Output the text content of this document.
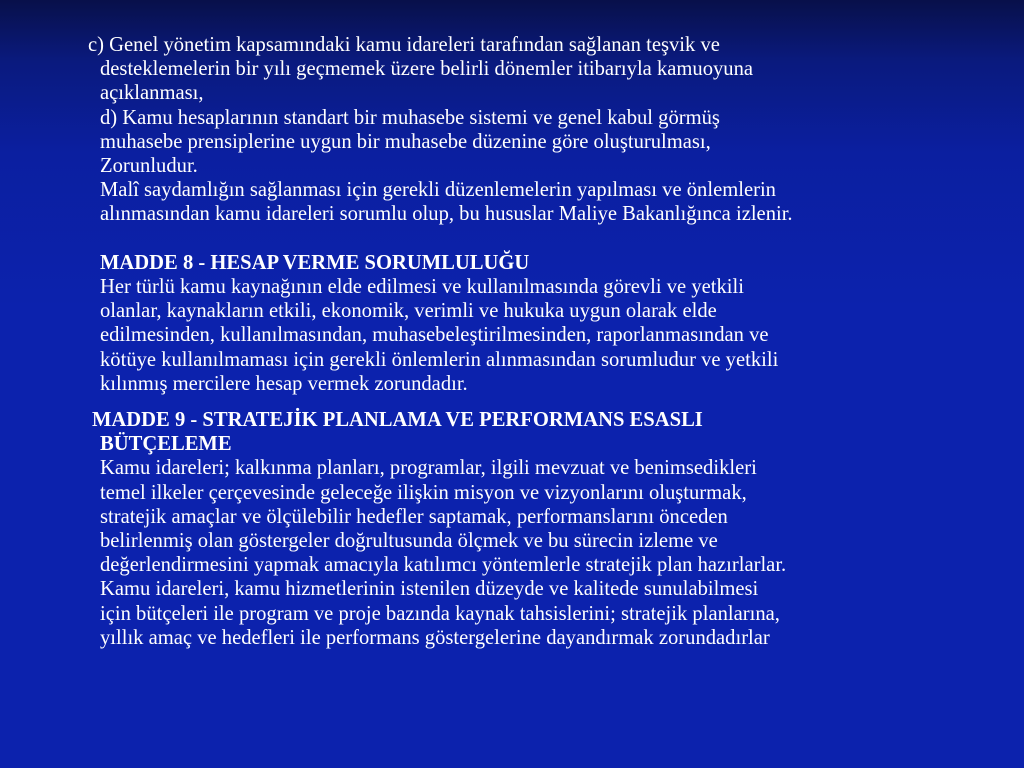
c) Genel yönetim kapsamındaki kamu idareleri tarafından sağlanan teşvik ve
desteklemelerin bir yılı geçmemek üzere belirli dönemler itibarıyla kamuoyuna
açıklanması,
d) Kamu hesaplarının standart bir muhasebe sistemi ve genel kabul görmüş
muhasebe prensiplerine uygun bir muhasebe düzenine göre oluşturulması,
Zorunludur.
Malî saydamlığın sağlanması için gerekli düzenlemelerin yapılması ve önlemlerin
alınmasından kamu idareleri sorumlu olup, bu hususlar Maliye Bakanlığınca izlenir.
MADDE 8 - HESAP VERME SORUMLULUĞU
Her türlü kamu kaynağının elde edilmesi ve kullanılmasında görevli ve yetkili
olanlar, kaynakların etkili, ekonomik, verimli ve hukuka uygun olarak elde
edilmesinden, kullanılmasından, muhasebeleştirilmesinden, raporlanmasından ve
kötüye kullanılmaması için gerekli önlemlerin alınmasından sorumludur ve yetkili
kılınmış mercilere hesap vermek zorundadır.
MADDE 9 - STRATEJİK PLANLAMA VE PERFORMANS ESASLI
BÜTÇELEME
Kamu idareleri; kalkınma planları, programlar, ilgili mevzuat ve benimsedikleri
temel ilkeler çerçevesinde geleceğe ilişkin misyon ve vizyonlarını oluşturmak,
stratejik amaçlar ve ölçülebilir hedefler saptamak, performanslarını önceden
belirlenmiş olan göstergeler doğrultusunda ölçmek ve bu sürecin izleme ve
değerlendirmesini yapmak amacıyla katılımcı yöntemlerle stratejik plan hazırlarlar.
Kamu idareleri, kamu hizmetlerinin istenilen düzeyde ve kalitede sunulabilmesi
için bütçeleri ile program ve proje bazında kaynak tahsislerini; stratejik planlarına,
yıllık amaç ve hedefleri ile performans göstergelerine dayandırmak zorundadırlar
